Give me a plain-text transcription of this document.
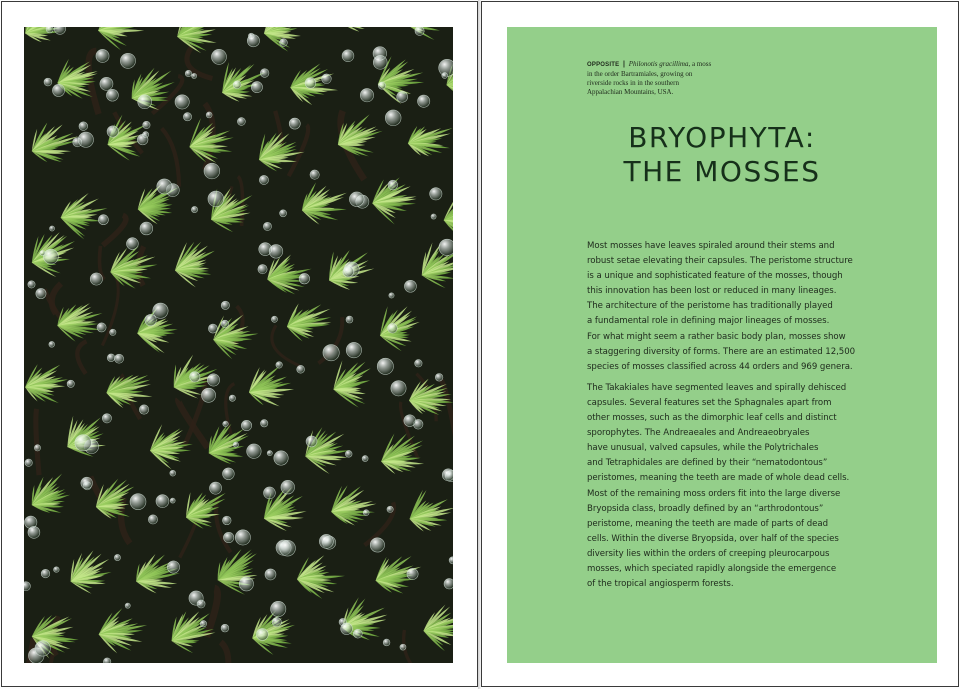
OPPOSITE | Philonotis gracillima, a moss
in the order Bartramiales, growing on
riverside rocks in in the southern
Appalachian Mountains, USA.
BRYOPHYTA:
THE MOSSES
Most mosses have leaves spiraled around their stems and
robust setae elevating their capsules. The peristome structure
is a unique and sophisticated feature of the mosses, though
this innovation has been lost or reduced in many lineages.
The architecture of the peristome has traditionally played
a fundamental role in defining major lineages of mosses.
For what might seem a rather basic body plan, mosses show
a staggering diversity of forms. There are an estimated 12,500
species of mosses classified across 44 orders and 969 genera.
The Takakiales have segmented leaves and spirally dehisced
capsules. Several features set the Sphagnales apart from
other mosses, such as the dimorphic leaf cells and distinct
sporophytes. The Andreaeales and Andreaeobryales
have unusual, valved capsules, while the Polytrichales
and Tetraphidales are defined by their “nematodontous”
peristomes, meaning the teeth are made of whole dead cells.
Most of the remaining moss orders fit into the large diverse
Bryopsida class, broadly defined by an “arthrodontous”
peristome, meaning the teeth are made of parts of dead
cells. Within the diverse Bryopsida, over half of the species
diversity lies within the orders of creeping pleurocarpous
mosses, which speciated rapidly alongside the emergence
of the tropical angiosperm forests.
